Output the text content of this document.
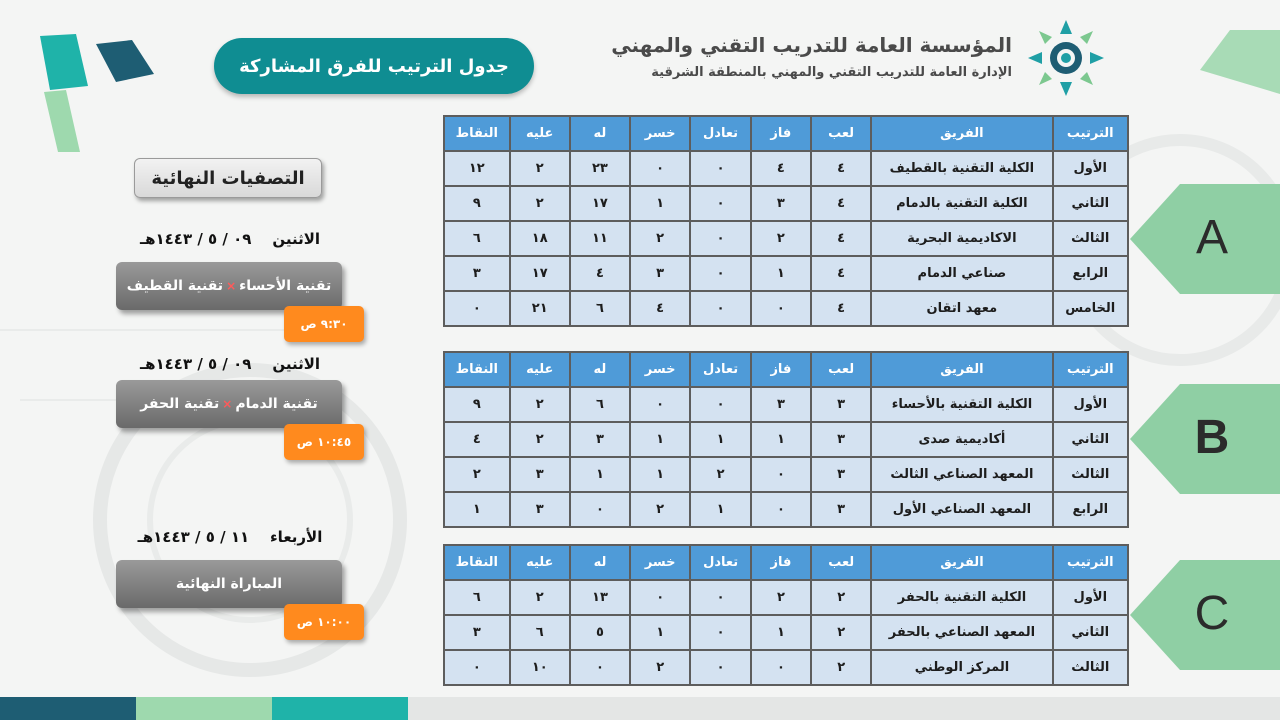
جدول الترتيب للفرق المشاركة
المؤسسة العامة للتدريب التقني والمهني
الإدارة العامة للتدريب التقني والمهني بالمنطقة الشرقية
التصفيات النهائية
الاثنين    ٠٩ / ٥ / ١٤٤٣هـ
تقنية القطيف × تقنية الأحساء
٩:٣٠ ص
الاثنين    ٠٩ / ٥ / ١٤٤٣هـ
تقنية الحفر × تقنية الدمام
١٠:٤٥ ص
الأربعاء    ١١ / ٥ / ١٤٤٣هـ
المباراة النهائية
١٠:٠٠ ص
الترتيب	الفريق	لعب	فاز	تعادل	خسر	له	عليه	النقاط
الأول	الكلية التقنية بالقطيف	٤	٤	٠	٠	٢٣	٢	١٢
الثاني	الكلية التقنية بالدمام	٤	٣	٠	١	١٧	٢	٩
الثالث	الاكاديمية البحرية	٤	٢	٠	٢	١١	١٨	٦
الرابع	صناعي الدمام	٤	١	٠	٣	٤	١٧	٣
الخامس	معهد اتقان	٤	٠	٠	٤	٦	٢١	٠
الترتيب	الفريق	لعب	فاز	تعادل	خسر	له	عليه	النقاط
الأول	الكلية التقنية بالأحساء	٣	٣	٠	٠	٦	٢	٩
الثاني	أكاديمية صدى	٣	١	١	١	٣	٢	٤
الثالث	المعهد الصناعي الثالث	٣	٠	٢	١	١	٣	٢
الرابع	المعهد الصناعي الأول	٣	٠	١	٢	٠	٣	١
الترتيب	الفريق	لعب	فاز	تعادل	خسر	له	عليه	النقاط
الأول	الكلية التقنية بالحفر	٢	٢	٠	٠	١٣	٢	٦
الثاني	المعهد الصناعي بالحفر	٢	١	٠	١	٥	٦	٣
الثالث	المركز الوطني	٢	٠	٠	٢	٠	١٠	٠
A
B
C
